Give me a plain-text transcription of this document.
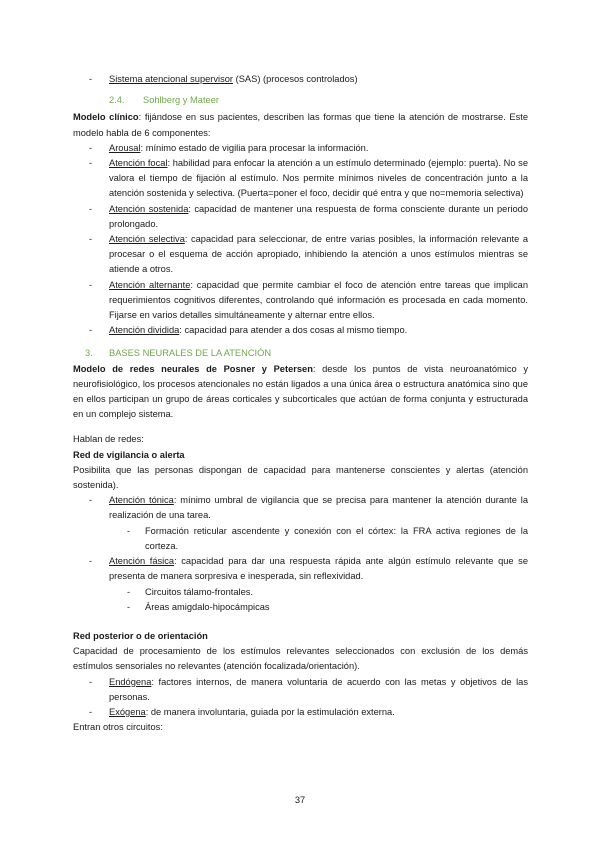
- Sistema atencional supervisor (SAS) (procesos controlados)
2.4. Sohlberg y Mateer

Modelo clínico: fijándose en sus pacientes, describen las formas que tiene la atención de mostrarse. Este modelo habla de 6 componentes:

- Arousal: mínimo estado de vigilia para procesar la información.
- Atención focal: habilidad para enfocar la atención a un estímulo determinado (ejemplo: puerta). No se valora el tiempo de fijación al estímulo. Nos permite mínimos niveles de concentración junto a la atención sostenida y selectiva. (Puerta=poner el foco, decidir qué entra y que no=memoria selectiva)
- Atención sostenida: capacidad de mantener una respuesta de forma consciente durante un periodo prolongado.
- Atención selectiva: capacidad para seleccionar, de entre varias posibles, la información relevante a procesar o el esquema de acción apropiado, inhibiendo la atención a unos estímulos mientras se atiende a otros.
- Atención alternante: capacidad que permite cambiar el foco de atención entre tareas que implican requerimientos cognitivos diferentes, controlando qué información es procesada en cada momento. Fijarse en varios detalles simultáneamente y alternar entre ellos.
- Atención dividida: capacidad para atender a dos cosas al mismo tiempo.
3. BASES NEURALES DE LA ATENCIÓN

Modelo de redes neurales de Posner y Petersen: desde los puntos de vista neuroanatómico y neurofisiológico, los procesos atencionales no están ligados a una única área o estructura anatómica sino que en ellos participan un grupo de áreas corticales y subcorticales que actúan de forma conjunta y estructurada en un complejo sistema.

Hablan de redes:

Red de vigilancia o alerta

Posibilita que las personas dispongan de capacidad para mantenerse conscientes y alertas (atención sostenida).

- Atención tónica: mínimo umbral de vigilancia que se precisa para mantener la atención durante la realización de una tarea.
- Formación reticular ascendente y conexión con el córtex: la FRA activa regiones de la corteza.
- Atención fásica: capacidad para dar una respuesta rápida ante algún estímulo relevante que se presenta de manera sorpresiva e inesperada, sin reflexividad.
- Circuitos tálamo-frontales.
- Áreas amigdalo-hipocámpicas

Red posterior o de orientación

Capacidad de procesamiento de los estímulos relevantes seleccionados con exclusión de los demás estímulos sensoriales no relevantes (atención focalizada/orientación).

- Endógena: factores internos, de manera voluntaria de acuerdo con las metas y objetivos de las personas.
- Exógena: de manera involuntaria, guiada por la estimulación externa.

Entran otros circuitos:

37
